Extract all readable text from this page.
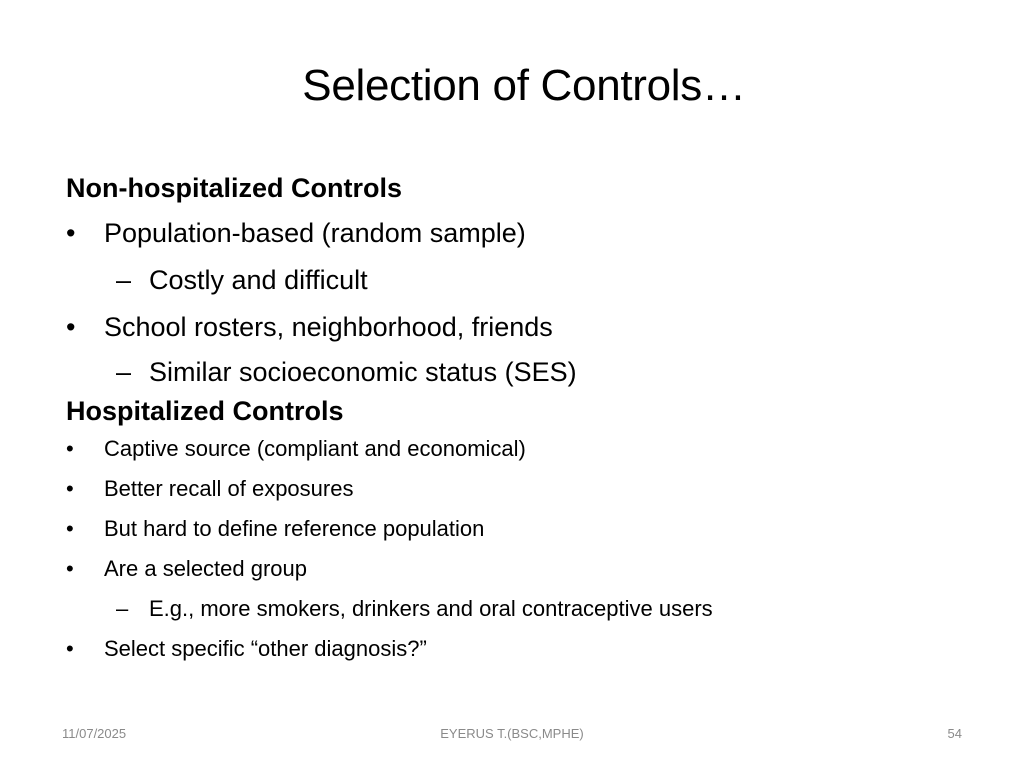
Selection of Controls…
Non-hospitalized Controls
• Population-based (random sample)
– Costly and difficult
• School rosters, neighborhood, friends
– Similar socioeconomic status (SES)
Hospitalized Controls
• Captive source (compliant and economical)
• Better recall of exposures
• But hard to define reference population
• Are a selected group
– E.g., more smokers, drinkers and oral contraceptive users
• Select specific “other diagnosis?”
11/07/2025	EYERUS T.(BSC,MPHE)	54
